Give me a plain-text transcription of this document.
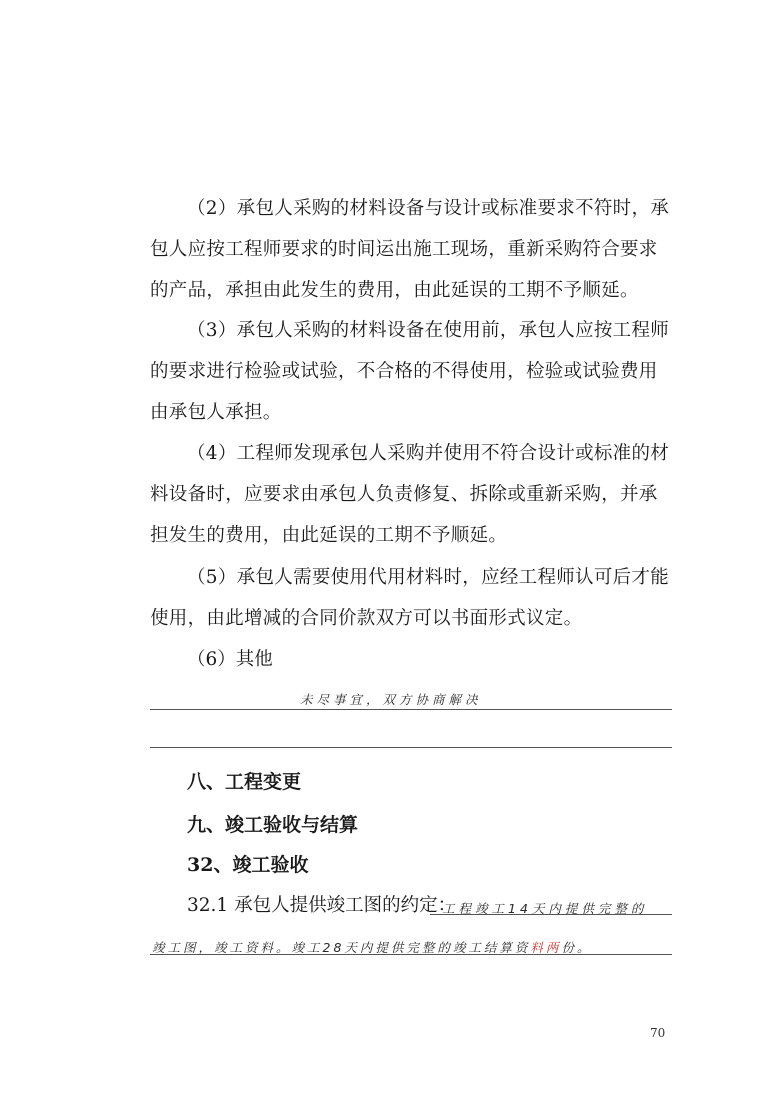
（2）承包人采购的材料设备与设计或标准要求不符时，承包人应按工程师要求的时间运出施工现场，重新采购符合要求的产品，承担由此发生的费用，由此延误的工期不予顺延。

（3）承包人采购的材料设备在使用前，承包人应按工程师的要求进行检验或试验，不合格的不得使用，检验或试验费用由承包人承担。

（4）工程师发现承包人采购并使用不符合设计或标准的材料设备时，应要求由承包人负责修复、拆除或重新采购，并承担发生的费用，由此延误的工期不予顺延。

（5）承包人需要使用代用材料时，应经工程师认可后才能使用，由此增减的合同价款双方可以书面形式议定。

（6）其他
未尽事宜，双方协商解决
八、工程变更
九、竣工验收与结算
32、竣工验收
32.1 承包人提供竣工图的约定：
工程竣工14天内提供完整的
竣工图，竣工资料。竣工28天内提供完整的竣工结算资料两份。
70
